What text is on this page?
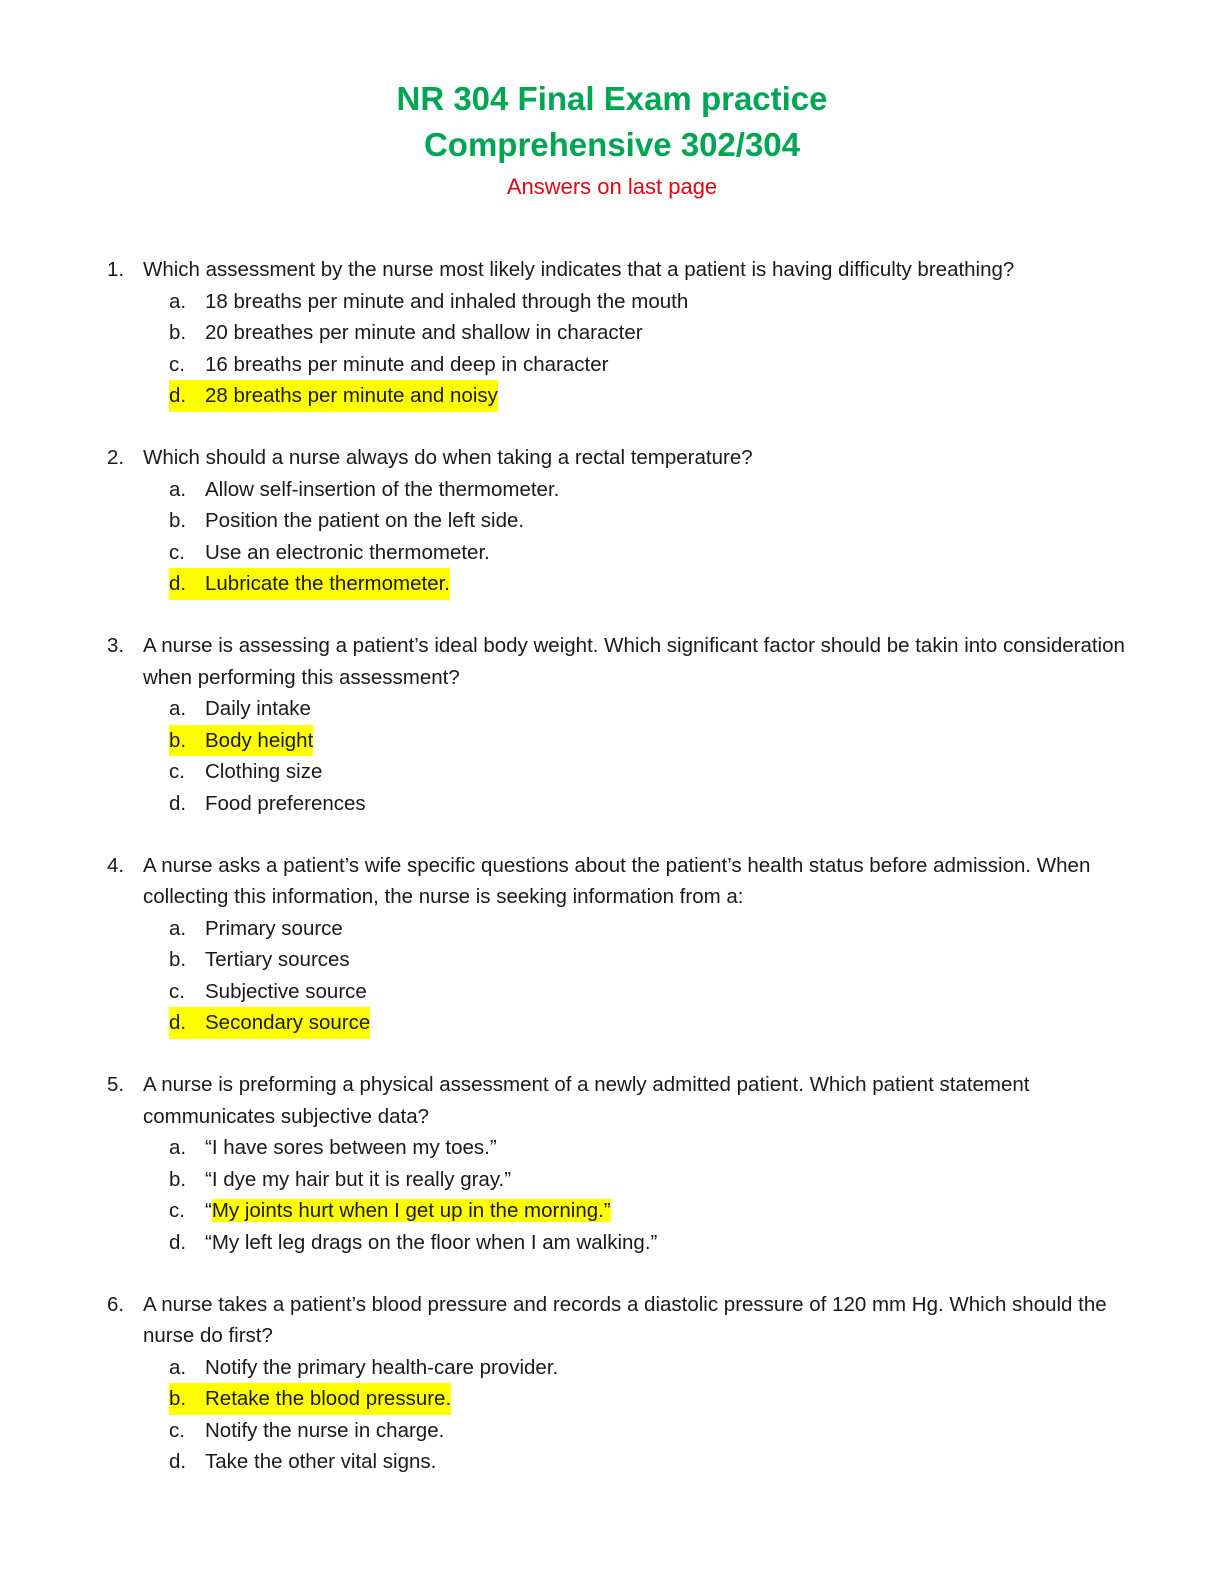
NR 304 Final Exam practice
Comprehensive 302/304
Answers on last page
1. Which assessment by the nurse most likely indicates that a patient is having difficulty breathing?
a. 18 breaths per minute and inhaled through the mouth
b. 20 breathes per minute and shallow in character
c. 16 breaths per minute and deep in character
d. 28 breaths per minute and noisy
2. Which should a nurse always do when taking a rectal temperature?
a. Allow self-insertion of the thermometer.
b. Position the patient on the left side.
c. Use an electronic thermometer.
d. Lubricate the thermometer.
3. A nurse is assessing a patient’s ideal body weight. Which significant factor should be takin into consideration when performing this assessment?
a. Daily intake
b. Body height
c. Clothing size
d. Food preferences
4. A nurse asks a patient’s wife specific questions about the patient’s health status before admission. When collecting this information, the nurse is seeking information from a:
a. Primary source
b. Tertiary sources
c. Subjective source
d. Secondary source
5. A nurse is preforming a physical assessment of a newly admitted patient. Which patient statement communicates subjective data?
a. “I have sores between my toes.”
b. “I dye my hair but it is really gray.”
c. “My joints hurt when I get up in the morning.”
d. “My left leg drags on the floor when I am walking.”
6. A nurse takes a patient’s blood pressure and records a diastolic pressure of 120 mm Hg. Which should the nurse do first?
a. Notify the primary health-care provider.
b. Retake the blood pressure.
c. Notify the nurse in charge.
d. Take the other vital signs.
